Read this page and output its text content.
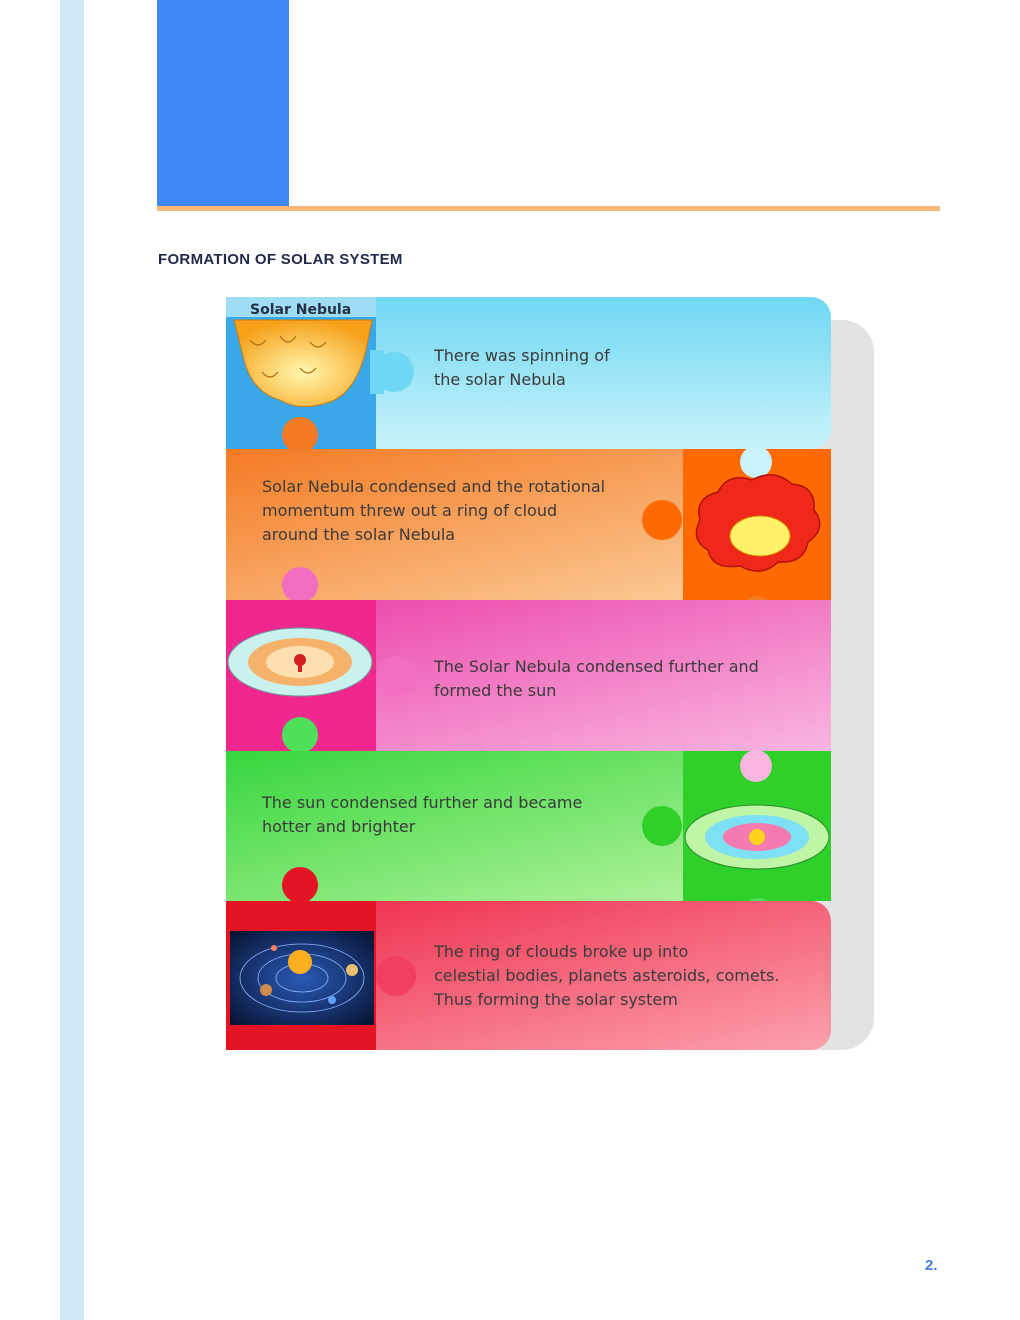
FORMATION OF SOLAR SYSTEM
Solar Nebula
There was spinning of
the solar Nebula
Solar Nebula condensed and the rotational
momentum threw out a ring of cloud
around the solar Nebula
The Solar Nebula condensed further and
formed the sun
The sun condensed further and became
hotter and brighter
The ring of clouds broke up into
celestial bodies, planets asteroids, comets.
Thus forming the solar system
2.
